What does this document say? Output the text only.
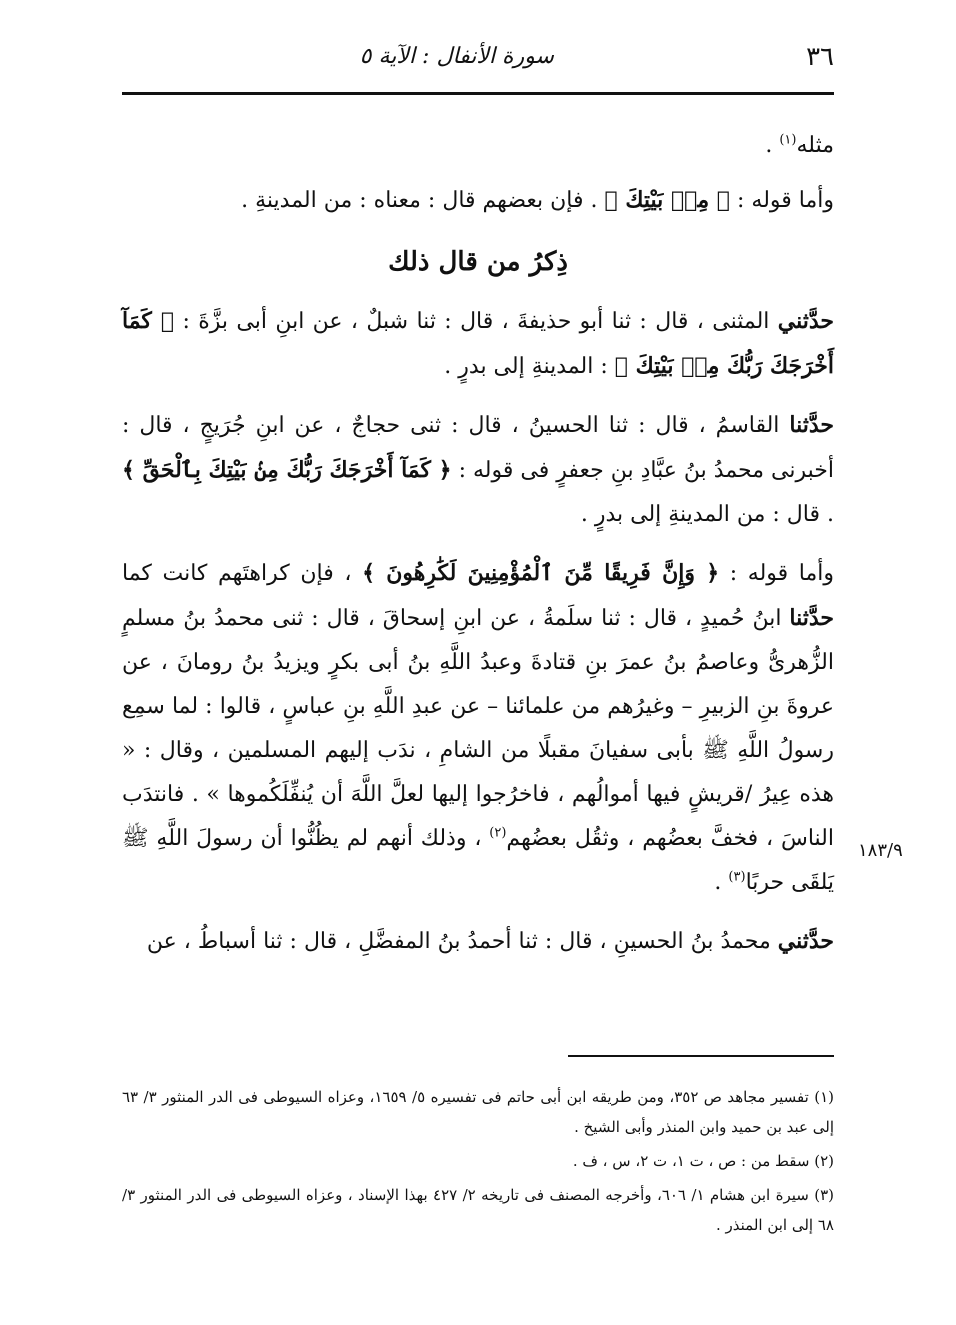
٣٦
سورة الأنفال : الآية ٥

مثله$^{(١)}$ .

وأما قوله : ﴿ مِنۢ بَيْتِكَ ﴾ . فإن بعضهم قال : معناه : من المدينةِ .

ذِكرُ من قال ذلك

حدَّثني المثنى ، قال : ثنا أبو حذيفةَ ، قال : ثنا شبلٌ ، عن ابنِ أبى بزَّةَ : ﴿ كَمَآ أَخْرَجَكَ رَبُّكَ مِنۢ بَيْتِكَ ﴾ : المدينةِ إلى بدرٍ .

حدَّثنا القاسمُ ، قال : ثنا الحسينُ ، قال : ثنى حجاجٌ ، عن ابنِ جُرَيجٍ ، قال : أخبرنى محمدُ بنُ عبَّادِ بنِ جعفرٍ فى قوله : ﴿ كَمَآ أَخْرَجَكَ رَبُّكَ مِنۢ بَيْتِكَ بِٱلْحَقِّ ﴾ . قال : من المدينةِ إلى بدرٍ .

وأما قوله : ﴿ وَإِنَّ فَرِيقًا مِّنَ ٱلْمُؤْمِنِينَ لَكَٰرِهُونَ ﴾ ، فإن كراهتَهم كانت كما حدَّثنا ابنُ حُميدٍ ، قال : ثنا سلَمةُ ، عن ابنِ إسحاقَ ، قال : ثنى محمدُ بنُ مسلمٍ الزُّهرىُّ وعاصمُ بنُ عمرَ بنِ قتادةَ وعبدُ اللَّهِ بنُ أبى بكرٍ ويزيدُ بنُ رومانَ ، عن عروةَ بنِ الزبيرِ – وغيرُهم من علمائنا – عن عبدِ اللَّهِ بنِ عباسٍ ، قالوا : لما سمِع رسولُ اللَّهِ ﷺ بأبى سفيانَ مقبلًا من الشامِ ، ندَب إليهم المسلمين ، وقال : « هذه عِيرُ /قريشٍ فيها أموالُهم ، فاخرُجوا إليها لعلَّ اللَّهَ أن يُنفِّلَكُموها » . فانتدَب الناسَ ، فخفَّ بعضُهم ، وثقُل بعضُهم$^{(٢)}$ ، وذلك أنهم لم يظُنُّوا أن رسولَ اللَّهِ ﷺ يَلقَى حربًا$^{(٣)}$ .

حدَّثني محمدُ بنُ الحسينِ ، قال : ثنا أحمدُ بنُ المفضَّلِ ، قال : ثنا أسباطُ ، عن

١٨٣/٩

(١) تفسير مجاهد ص ٣٥٢، ومن طريقه ابن أبى حاتم فى تفسيره ٥/ ١٦٥٩، وعزاه السيوطى فى الدر المنثور ٣/ ٦٣ إلى عبد بن حميد وابن المنذر وأبى الشيخ .

(٢) سقط من : ص ، ت ١، ت ٢، س ، ف .

(٣) سيرة ابن هشام ١/ ٦٠٦، وأخرجه المصنف فى تاريخه ٢/ ٤٢٧ بهذا الإسناد ، وعزاه السيوطى فى الدر المنثور ٣/ ٦٨ إلى ابن المنذر .
